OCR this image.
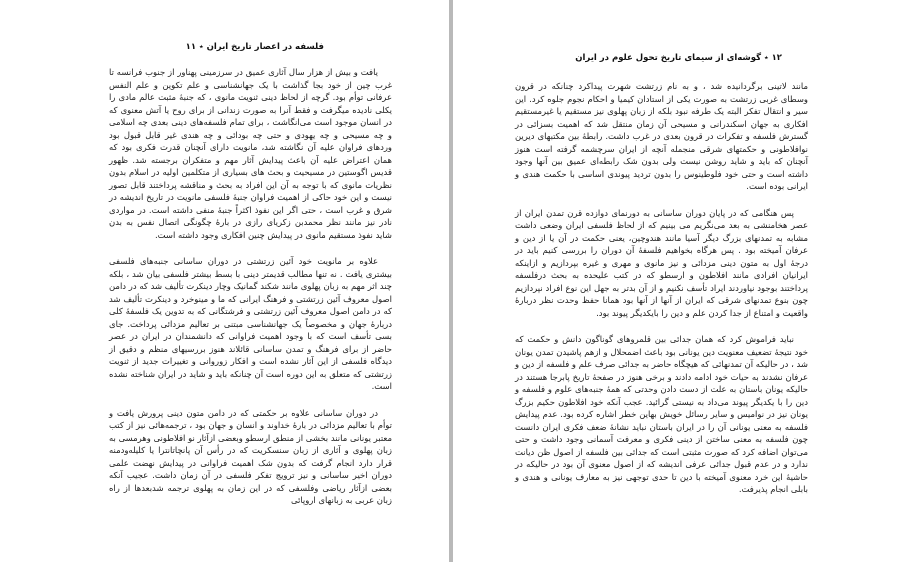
فلسفه در اعصار تاریخ ایران ٭ ۱۱

یافت و بیش از هزار سال آثاری عمیق در سرزمینی پهناور از جنوب فرانسه تا غرب چین از خود بجا گذاشت با یک جهانشناسی و علم تکوین و علم النفس عرفانی توأم بود. گرچه از لحاظ دینی ثنویت مانوی ، که جنبهٔ مثبت عالم مادی را یکلی نادیده میگرفت و فقط آنرا به صورت زندانی از برای روح یا آتش معنوی که در انسان موجود است می‌انگاشت ، برای تمام فلسفه‌های دینی بعدی چه اسلامی و چه مسیحی و چه یهودی و حتی چه بودائی و چه هندی غیر قابل قبول بود وردهای فراوان علیه آن نگاشته شد، مانویت دارای آنچنان قدرت فکری بود که همان اعتراض علیه آن باعث پیدایش آثار مهم و متفکران برجسته شد. ظهور قدیس اگوستین در مسیحیت و بحث های بسیاری از متکلمین اولیه در اسلام بدون نظریات مانوی که با توجه به آن این افراد به بحث و مناقشه پرداختند قابل تصور نیست و این خود حاکی از اهمیت فراوان جنبهٔ فلسفی مانویت در تاریخ اندیشه در شرق و غرب است ، حتی اگر این نفوذ اکثراً جنبهٔ منفی داشته است. در مواردی نادر نیز مانند نظر محمدبن زکریای رازی در بارهٔ چگونگی اتصال نفس به بدن شاید نفوذ مستقیم مانوی در پیدایش چنین افکاری وجود داشته است.

علاوه بر مانویت خود آئین زرتشتی در دوران ساسانی جنبه‌های فلسفی بیشتری یافت . نه تنها مطالب قدیمتر دینی با بسط بیشتر فلسفی بیان شد ، بلکه چند اثر مهم به زبان پهلوی مانند شکند گمانیک وچار دینکرت تألیف شد که در دامن اصول معروف آئین زرتشتی و فرهنگ ایرانی که ما و مینوخرد و دینکرت تألیف شد که در دامن اصول معروف آئین زرتشتی و فرشتگانی که به تدوین یک فلسفهٔ کلی دربارهٔ جهان و مخصوصاً یک جهانشناسی مبتنی بر تعالیم مزدائی پرداخت. جای بسی تأسف است که با وجود اهمیت فراوانی که دانشمندان در ایران در عصر حاضر از برای فرهنگ و تمدن ساسانی قائلاند هنوز بررسیهای منظم و دقیق از دیدگاه فلسفی از این آثار نشده است و افکار زوروانی و تغییرات جدید از ثنویت زرتشتی که متعلق به این دوره است آن چنانکه باید و شاید در ایران شناخته نشده است.

در دوران ساسانی علاوه بر حکمتی که در دامن متون دینی پرورش یافت و توأم با تعالیم مزدائی در بارهٔ خداوند و انسان و جهان بود ، ترجمه‌هائی نیز از کتب معتبر یونانی مانند بخشی از منطق ارسطو وبعضی ازآثار نو افلاطونی وهرمسی به زبان پهلوی و آثاری از زبان سنسکریت که در رأس آن پانچاتانترا یا کلیله‌ودمنه قرار دارد انجام گرفت که بدون شک اهمیت فراوانی در پیدایش نهضت علمی دوران اخیر ساسانی و نیز ترویج تفکر فلسفی در آن زمان داشت. عجیب آنکه بعضی ازآثار ریاضی وفلسفی که در این زمان به پهلوی ترجمه شدبعدها از راه زبان عربی به زبانهای اروپائی

۱۲ ٭ گوشه‌ای از سیمای تاریخ تحول علوم در ایران

مانند لاتینی برگردانیده شد ، و به نام زرتشت شهرت پیداکرد چنانکه در قرون وسطای غربی زرتشت به صورت یکی از استادان کیمیا و احکام نجوم جلوه کرد. این سیر و انتقال تفکر البته یک طرفه نبود بلکه از زبان پهلوی نیز مستقیم یا غیرمستقیم افکاری به جهان اسکندرانی و مسیحی آن زمان منتقل شد که اهمیت بسزائی در گسترش فلسفه و تفکرات در قرون بعدی در غرب داشت. رابطهٔ بین مکتبهای دیرین نوافلاطونی و حکمتهای شرقی منجمله آنچه از ایران سرچشمه گرفته است هنوز آنچنان که باید و شاید روشن نیست ولی بدون شک رابطه‌ای عمیق بین آنها وجود داشته است و حتی خود فلوطینوس را بدون تردید پیوندی اساسی با حکمت هندی و ایرانی بوده است.

پس هنگامی که در پایان دوران ساسانی به دورنمای دوازده قرن تمدن ایران از عصر هخامنشی به بعد می‌نگریم می بینیم که از لحاظ فلسفی ایران وضعی داشت مشابه به تمدنهای بزرگ دیگر آسیا مانند هندوچین، یعنی حکمت در آن یا از دین و عرفان آمیخته بود . پس هرگاه بخواهیم فلسفهٔ آن دوران را بررسی کنیم باید در درجهٔ اول به متون دینی مزدائی و نیز مانوی و مهری و غیره بپردازیم و ازاینکه ایرانیان افرادی مانند افلاطون و ارسطو که در کتب علیحده به بحث درفلسفه پرداختند بوجود نیاوردند ایراد تأسف نکنیم و از آن بدتر به جهل این نوع افراد نپردازیم چون بنوع تمدنهای شرقی که ایران از آنها از آنها بود همانا حفظ وحدت نظر دربارهٔ واقعیت و امتناع از جدا کردن علم و دین را بایکدیگر پیوند بود.

نباید فراموش کرد که همان جدائی بین قلمروهای گوناگون دانش و حکمت که خود نتیجهٔ تضعیف معنویت دین یونانی بود باعث اضمحلال و ازهم پاشیدن تمدن یونان شد ، در حالیکه آن تمدنهائی که هیچگاه حاضر به جدائی صرف علم و فلسفه از دین و عرفان نشدند به حیات خود ادامه دادند و برخی هنوز در صفحهٔ تاریخ پابرجا هستند در حالیکه یونان باستان به علت از دست دادن وحدتی که همهٔ جنبه‌های علوم و فلسفه و دین را با یکدیگر پیوند می‌داد به نیستی گرائید. عجب آنکه خود افلاطون حکیم بزرگ یونان نیز در نوامیس و سایر رسائل خویش بهاین خطر اشاره کرده بود. عدم پیدایش فلسفه به معنی یونانی آن را در ایران باستان نباید نشانهٔ ضعف فکری ایران دانست چون فلسفه به معنی ساختن از دینی فکری و معرفت آسمانی وجود داشت و حتی می‌توان اضافه کرد که صورت مثبتی است که جدائی بین فلسفه از اصول ظن دیانت ندارد و در عدم قبول جدائی عرفی اندیشه که از اصول معنوی آن بود در حالیکه در حاشیهٔ این خرد معنوی آمیخته با دین تا حدی توجهی نیز به معارف یونانی و هندی و بابلی انجام پذیرفت.
